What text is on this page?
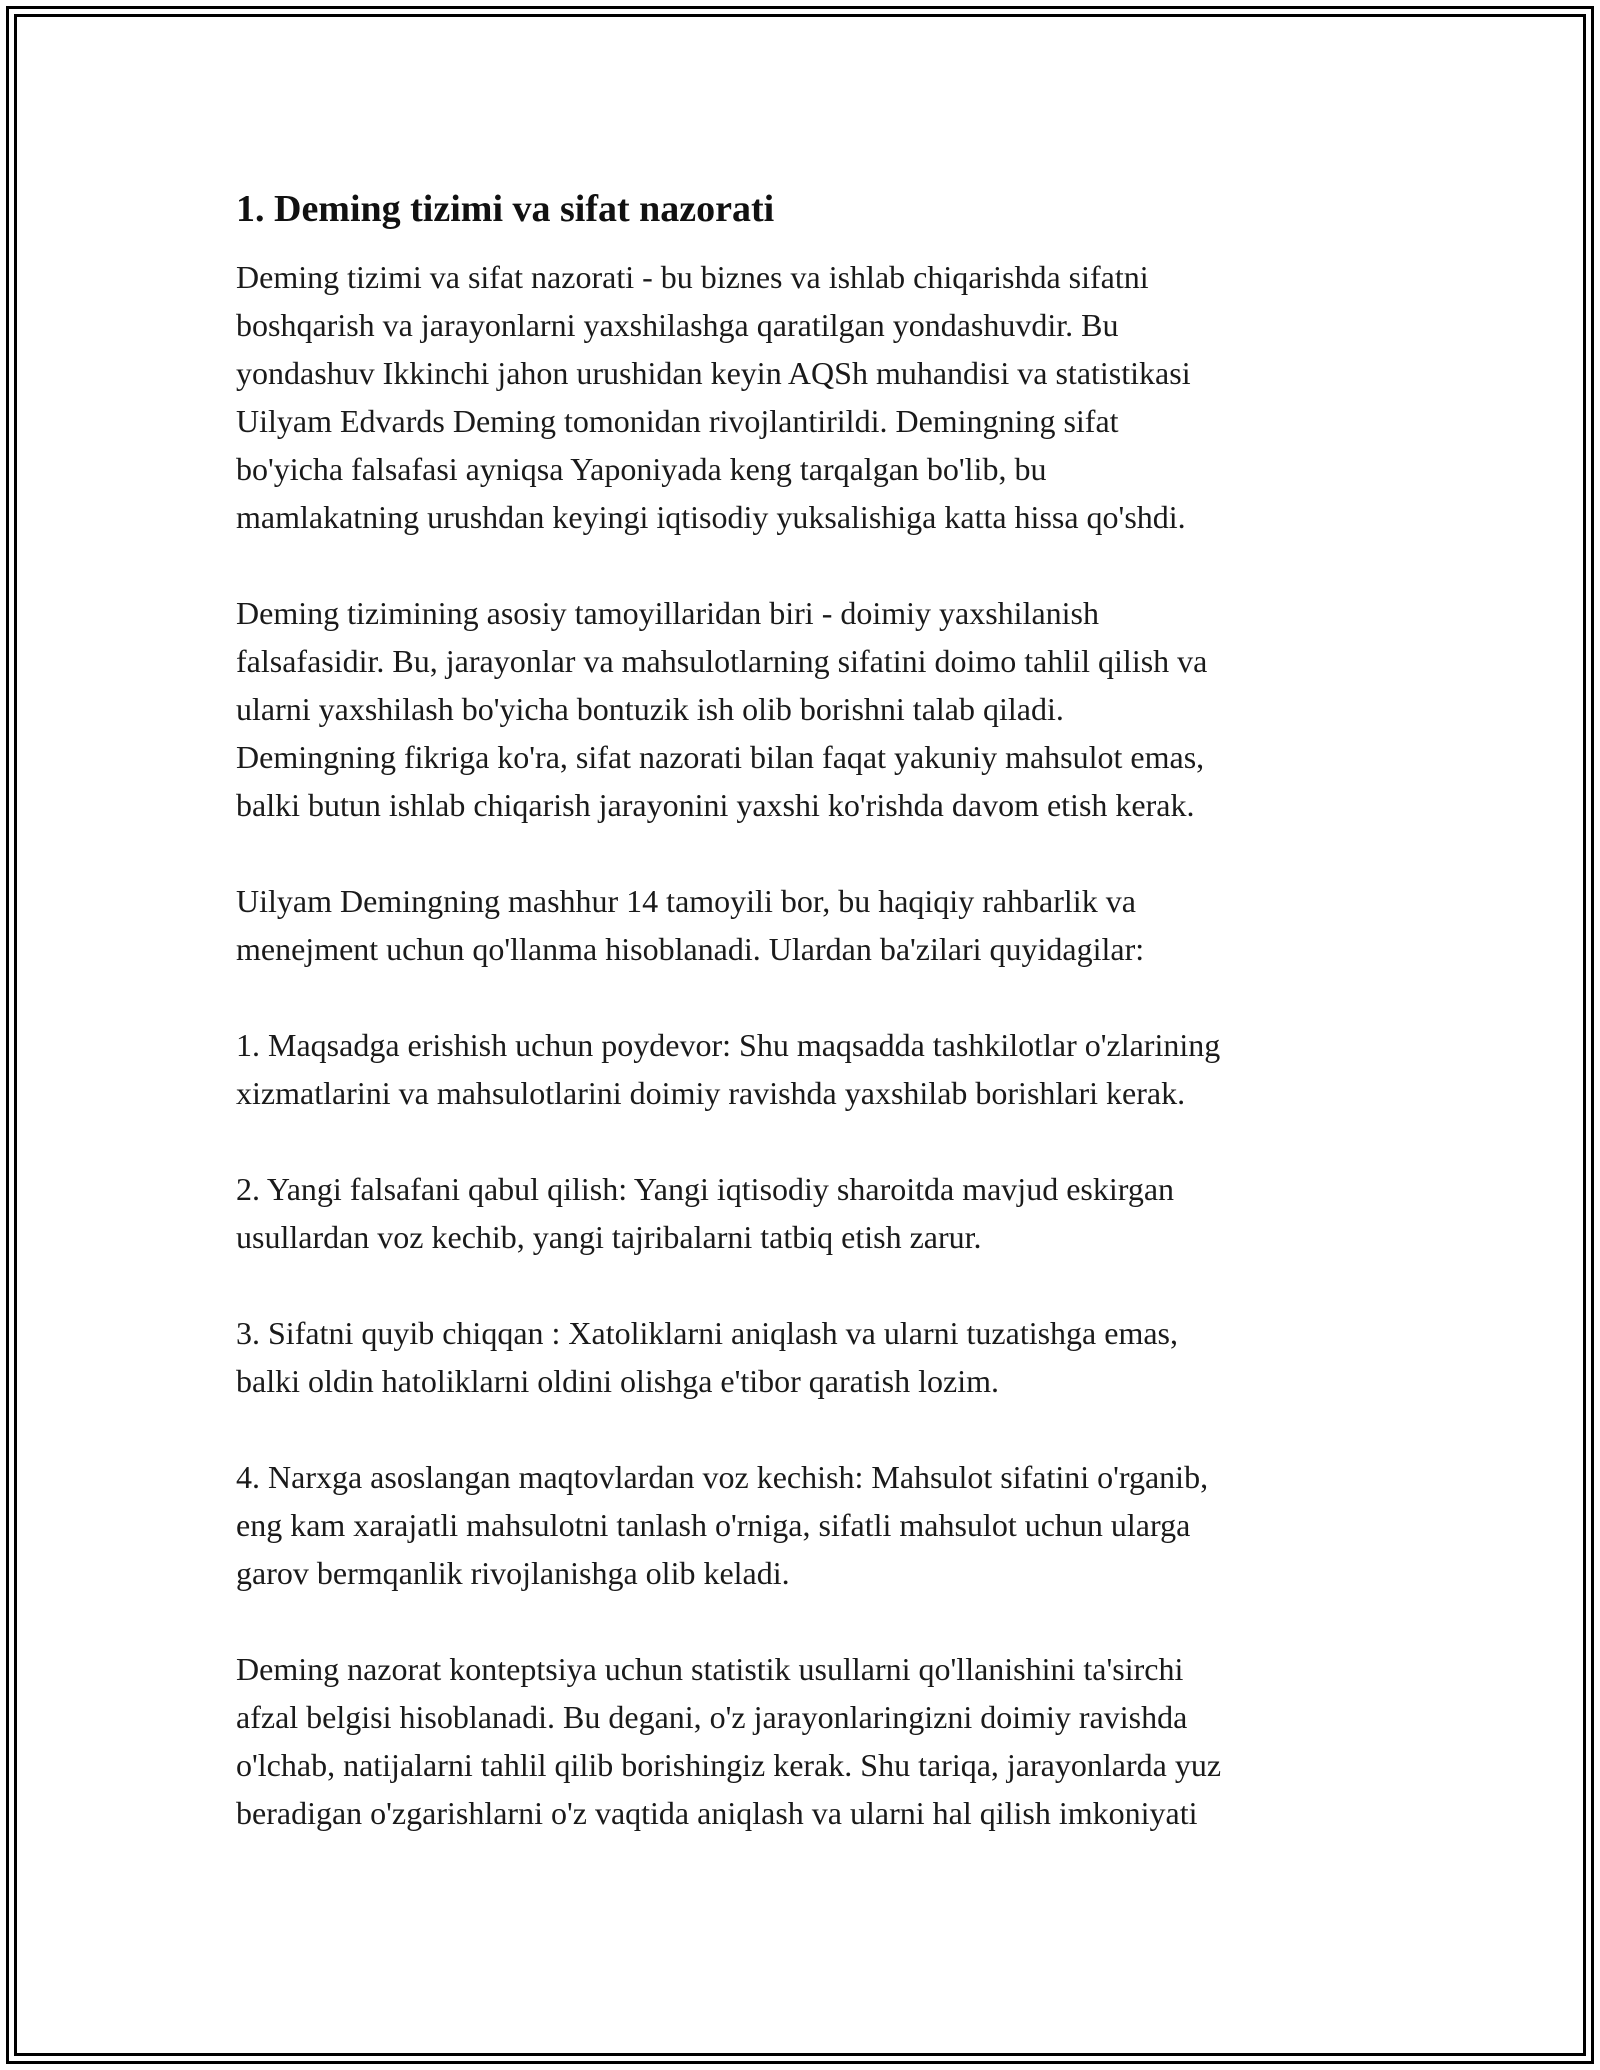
1. Deming tizimi va sifat nazorati

Deming tizimi va sifat nazorati - bu biznes va ishlab chiqarishda sifatni
boshqarish va jarayonlarni yaxshilashga qaratilgan yondashuvdir. Bu
yondashuv Ikkinchi jahon urushidan keyin AQSh muhandisi va statistikasi
Uilyam Edvards Deming tomonidan rivojlantirildi. Demingning sifat
bo'yicha falsafasi ayniqsa Yaponiyada keng tarqalgan bo'lib, bu
mamlakatning urushdan keyingi iqtisodiy yuksalishiga katta hissa qo'shdi.

Deming tizimining asosiy tamoyillaridan biri - doimiy yaxshilanish
falsafasidir. Bu, jarayonlar va mahsulotlarning sifatini doimo tahlil qilish va
ularni yaxshilash bo'yicha bontuzik ish olib borishni talab qiladi.
Demingning fikriga ko'ra, sifat nazorati bilan faqat yakuniy mahsulot emas,
balki butun ishlab chiqarish jarayonini yaxshi ko'rishda davom etish kerak.

Uilyam Demingning mashhur 14 tamoyili bor, bu haqiqiy rahbarlik va
menejment uchun qo'llanma hisoblanadi. Ulardan ba'zilari quyidagilar:

1. Maqsadga erishish uchun poydevor: Shu maqsadda tashkilotlar o'zlarining
xizmatlarini va mahsulotlarini doimiy ravishda yaxshilab borishlari kerak.

2. Yangi falsafani qabul qilish: Yangi iqtisodiy sharoitda mavjud eskirgan
usullardan voz kechib, yangi tajribalarni tatbiq etish zarur.

3. Sifatni quyib chiqqan : Xatoliklarni aniqlash va ularni tuzatishga emas,
balki oldin hatoliklarni oldini olishga e'tibor qaratish lozim.

4. Narxga asoslangan maqtovlardan voz kechish: Mahsulot sifatini o'rganib,
eng kam xarajatli mahsulotni tanlash o'rniga, sifatli mahsulot uchun ularga
garov bermqanlik rivojlanishga olib keladi.

Deming nazorat konteptsiya uchun statistik usullarni qo'llanishini ta'sirchi
afzal belgisi hisoblanadi. Bu degani, o'z jarayonlaringizni doimiy ravishda
o'lchab, natijalarni tahlil qilib borishingiz kerak. Shu tariqa, jarayonlarda yuz
beradigan o'zgarishlarni o'z vaqtida aniqlash va ularni hal qilish imkoniyati
